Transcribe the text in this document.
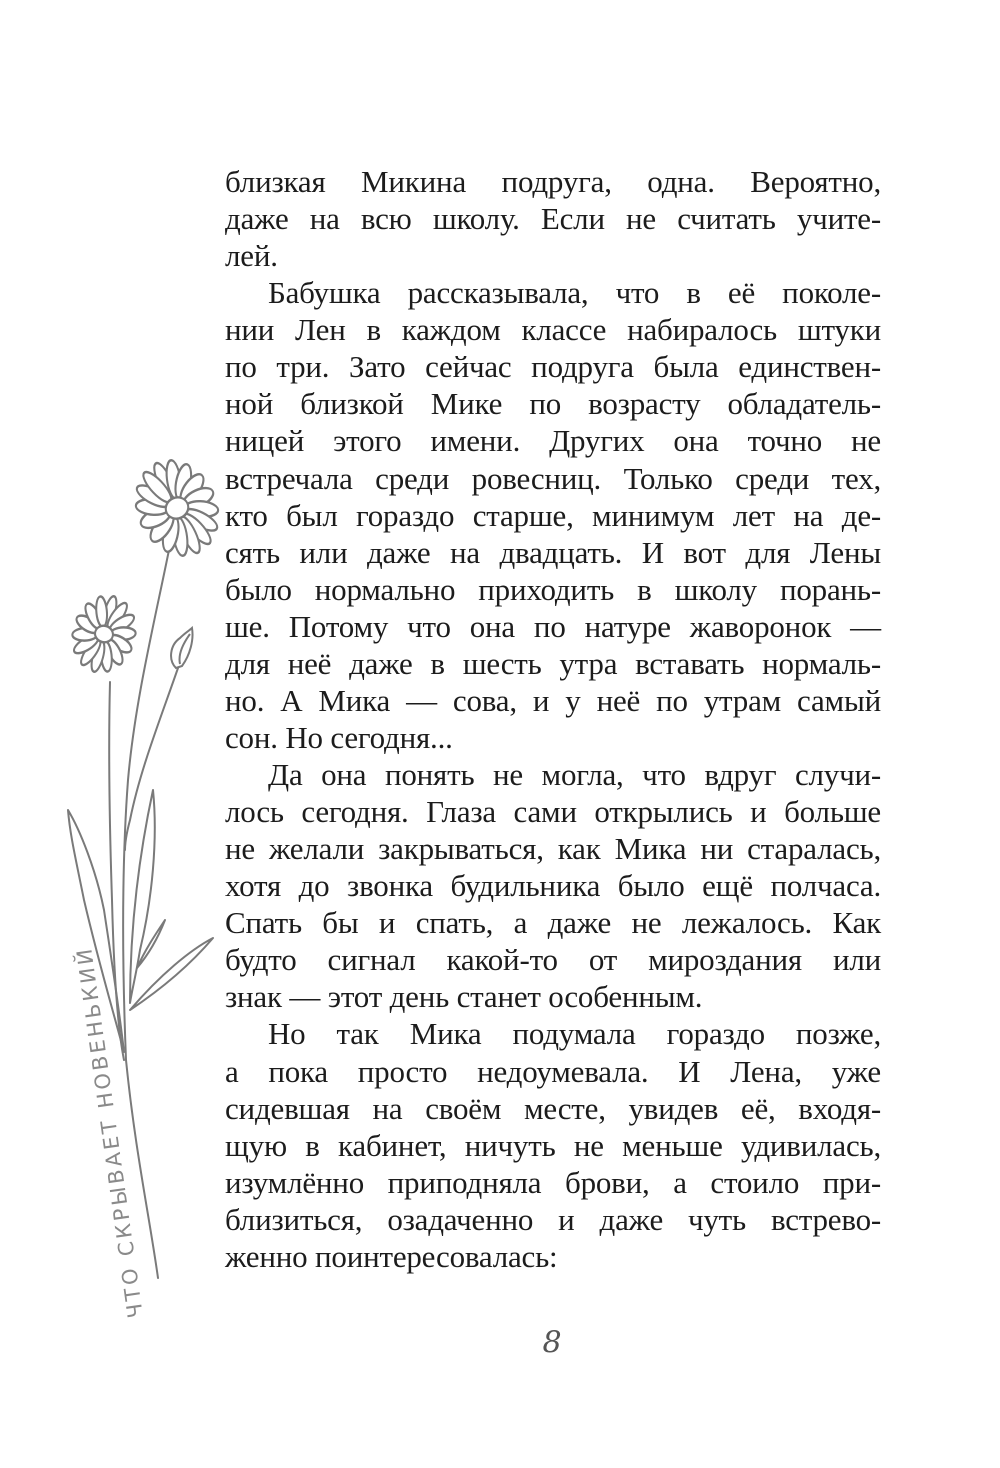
ЧТО СКРЫВАЕТ НОВЕНЬКИЙ
близкая Микина подруга, одна. Вероятно,
даже на всю школу. Если не считать учите-
лей.
Бабушка рассказывала, что в её поколе-
нии Лен в каждом классе набиралось штуки
по три. Зато сейчас подруга была единствен-
ной близкой Мике по возрасту обладатель-
ницей этого имени. Других она точно не
встречала среди ровесниц. Только среди тех,
кто был гораздо старше, минимум лет на де-
сять или даже на двадцать. И вот для Лены
было нормально приходить в школу порань-
ше. Потому что она по натуре жаворонок —
для неё даже в шесть утра вставать нормаль-
но. А Мика — сова, и у неё по утрам самый
сон. Но сегодня...
Да она понять не могла, что вдруг случи-
лось сегодня. Глаза сами открылись и больше
не желали закрываться, как Мика ни старалась,
хотя до звонка будильника было ещё полчаса.
Спать бы и спать, а даже не лежалось. Как
будто сигнал какой-то от мироздания или
знак — этот день станет особенным.
Но так Мика подумала гораздо позже,
а пока просто недоумевала. И Лена, уже
сидевшая на своём месте, увидев её, входя-
щую в кабинет, ничуть не меньше удивилась,
изумлённо приподняла брови, а стоило при-
близиться, озадаченно и даже чуть встрево-
женно поинтересовалась:
8
